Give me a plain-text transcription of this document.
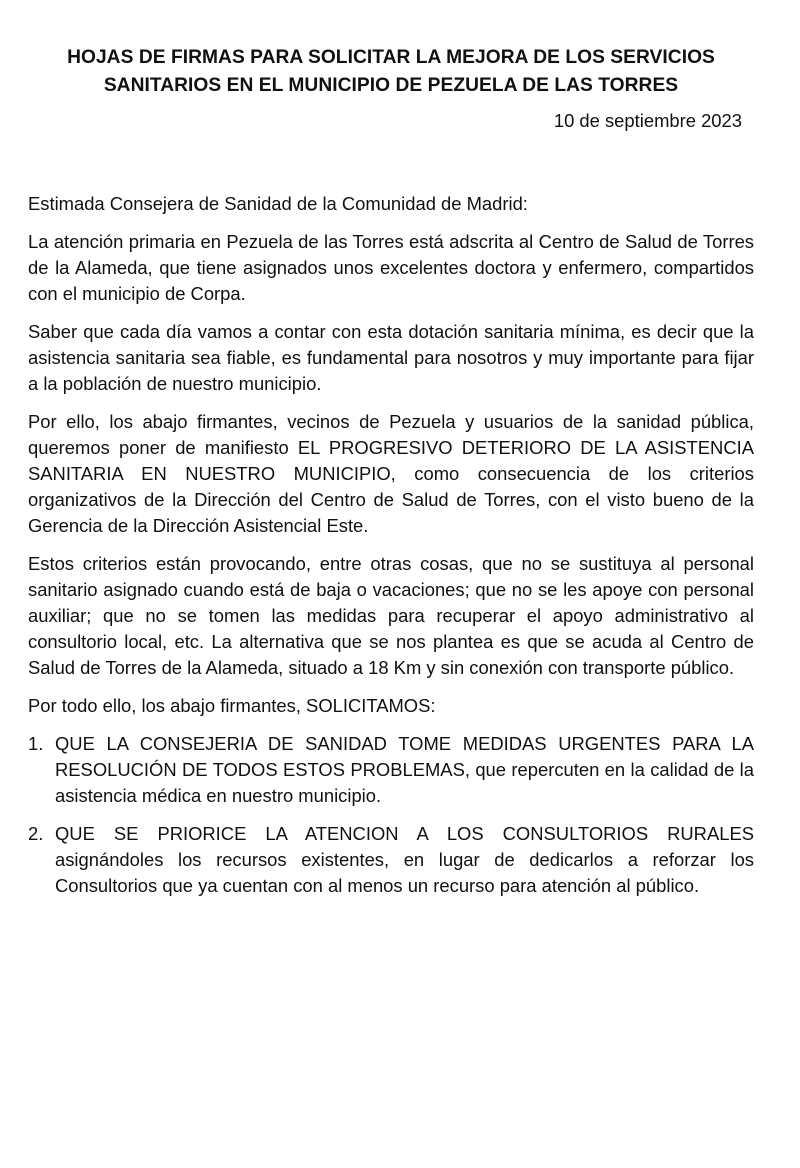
HOJAS DE FIRMAS PARA SOLICITAR LA MEJORA DE LOS SERVICIOS
SANITARIOS EN EL MUNICIPIO DE PEZUELA DE LAS TORRES
10 de septiembre 2023
Estimada Consejera de Sanidad de la Comunidad de Madrid:

La atención primaria en Pezuela de las Torres está adscrita al Centro de Salud de Torres de la Alameda, que tiene asignados unos excelentes doctora y enfermero, compartidos con el municipio de Corpa.

Saber que cada día vamos a contar con esta dotación sanitaria mínima, es decir que la asistencia sanitaria sea fiable, es fundamental para nosotros y muy importante para fijar a la población de nuestro municipio.

Por ello, los abajo firmantes, vecinos de Pezuela y usuarios de la sanidad pública, queremos poner de manifiesto EL PROGRESIVO DETERIORO DE LA ASISTENCIA SANITARIA EN NUESTRO MUNICIPIO, como consecuencia de los criterios organizativos de la Dirección del Centro de Salud de Torres, con el visto bueno de la Gerencia de la Dirección Asistencial Este.

Estos criterios están provocando, entre otras cosas, que no se sustituya al personal sanitario asignado cuando está de baja o vacaciones; que no se les apoye con personal auxiliar; que no se tomen las medidas para recuperar el apoyo administrativo al consultorio local, etc. La alternativa que se nos plantea es que se acuda al Centro de Salud de Torres de la Alameda, situado a 18 Km y sin conexión con transporte público.

Por todo ello, los abajo firmantes, SOLICITAMOS:

1. QUE LA CONSEJERIA DE SANIDAD TOME MEDIDAS URGENTES PARA LA RESOLUCIÓN DE TODOS ESTOS PROBLEMAS, que repercuten en la calidad de la asistencia médica en nuestro municipio.
2. QUE SE PRIORICE LA ATENCION A LOS CONSULTORIOS RURALES asignándoles los recursos existentes, en lugar de dedicarlos a reforzar los Consultorios que ya cuentan con al menos un recurso para atención al público.
